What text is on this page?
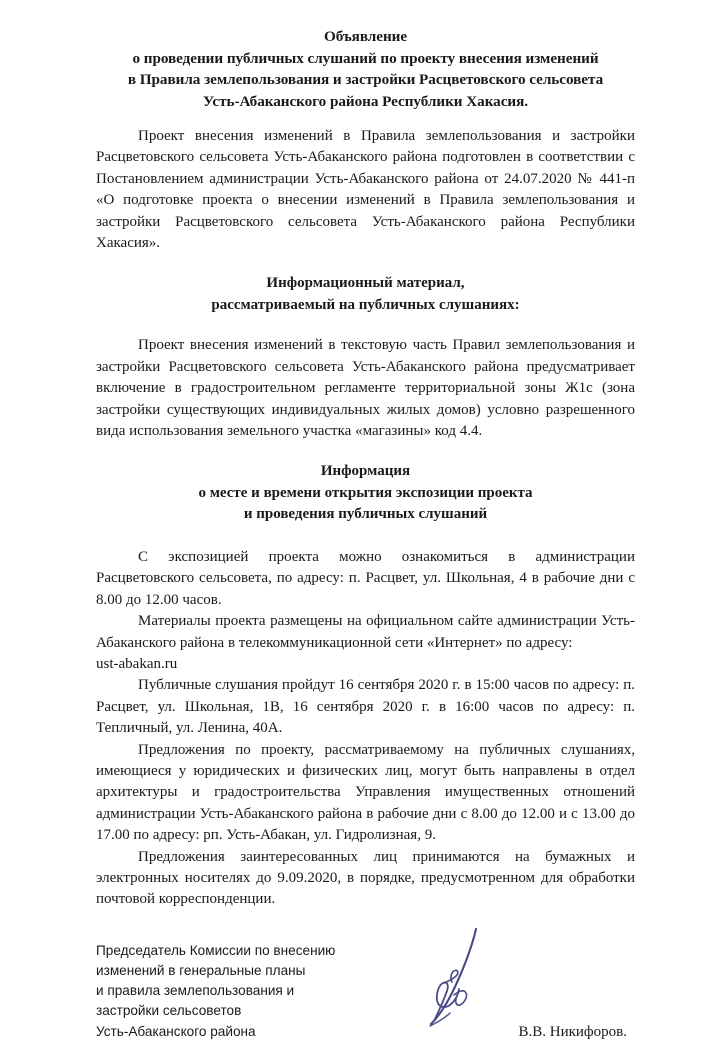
Объявление
о проведении публичных слушаний по проекту внесения изменений
в Правила землепользования и застройки Расцветовского сельсовета
Усть-Абаканского района Республики Хакасия.

Проект внесения изменений в Правила землепользования и застройки Расцветовского сельсовета Усть-Абаканского района подготовлен в соответствии с Постановлением администрации Усть-Абаканского района от 24.07.2020 № 441-п «О подготовке проекта о внесении изменений в Правила землепользования и застройки Расцветовского сельсовета Усть-Абаканского района Республики Хакасия».

Информационный материал,
рассматриваемый на публичных слушаниях:

Проект внесения изменений в текстовую часть Правил землепользования и застройки Расцветовского сельсовета Усть-Абаканского района предусматривает включение в градостроительном регламенте территориальной зоны Ж1с (зона застройки существующих индивидуальных жилых домов) условно разрешенного вида использования земельного участка «магазины» код 4.4.

Информация
о месте и времени открытия экспозиции проекта
и проведения публичных слушаний

С экспозицией проекта можно ознакомиться в администрации Расцветовского сельсовета, по адресу: п. Расцвет, ул. Школьная, 4 в рабочие дни с 8.00 до 12.00 часов.

Материалы проекта размещены на официальном сайте администрации Усть-Абаканского района в телекоммуникационной сети «Интернет» по адресу:

ust-abakan.ru

Публичные слушания пройдут 16 сентября 2020 г. в 15:00 часов по адресу: п. Расцвет, ул. Школьная, 1В, 16 сентября 2020 г. в 16:00 часов по адресу: п. Тепличный, ул. Ленина, 40А.

Предложения по проекту, рассматриваемому на публичных слушаниях, имеющиеся у юридических и физических лиц, могут быть направлены в отдел архитектуры и градостроительства Управления имущественных отношений администрации Усть-Абаканского района в рабочие дни с 8.00 до 12.00 и с 13.00 до 17.00 по адресу: рп. Усть-Абакан, ул. Гидролизная, 9.

Предложения заинтересованных лиц принимаются на бумажных и электронных носителях до 9.09.2020, в порядке, предусмотренном для обработки почтовой корреспонденции.

Председатель Комиссии по внесению
изменений в генеральные планы
и правила землепользования и
застройки сельсоветов
Усть-Абаканского района	В.В. Никифоров.
